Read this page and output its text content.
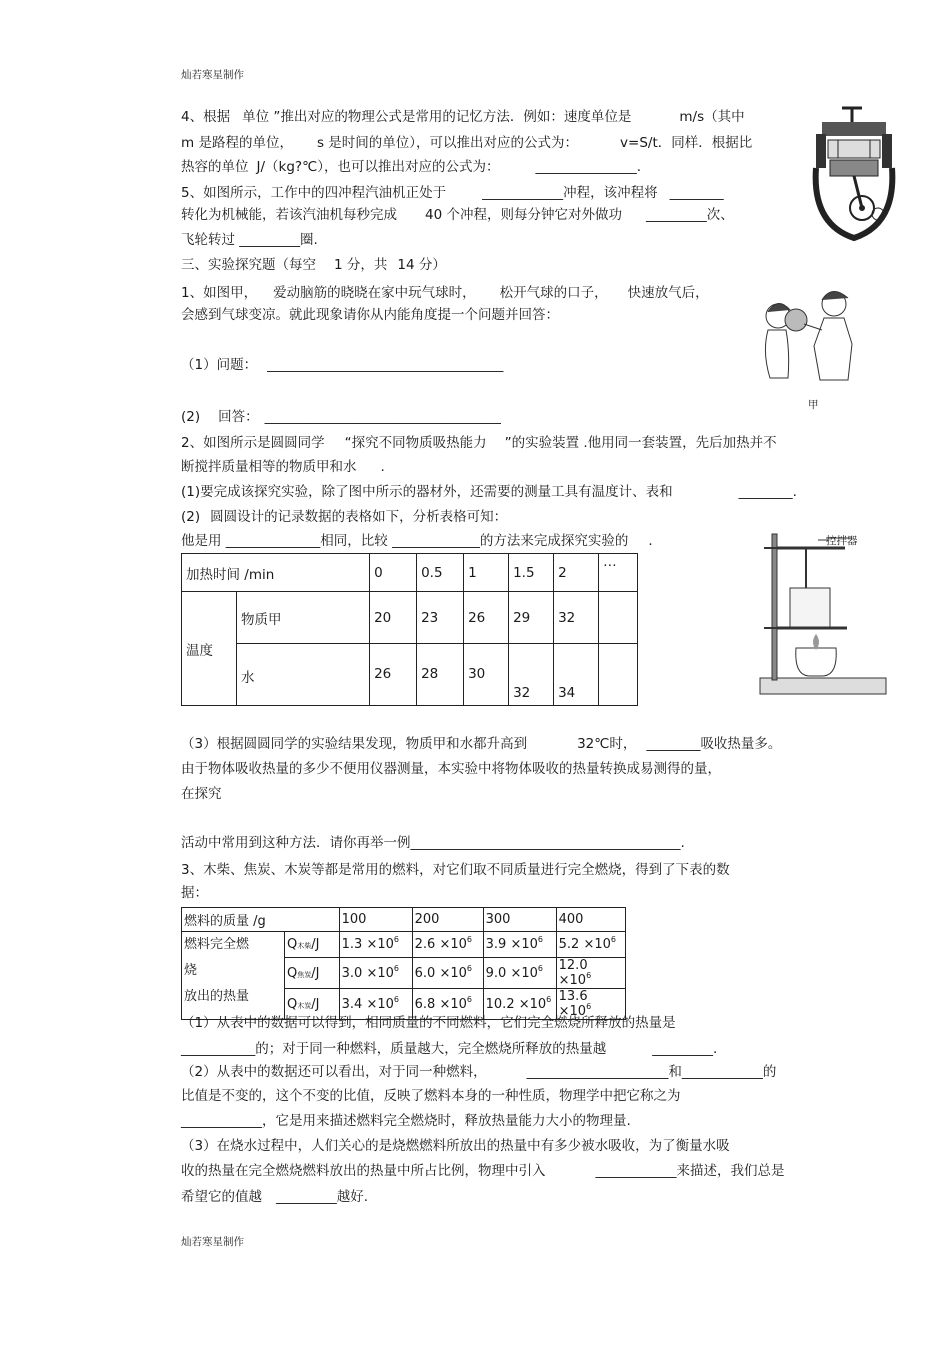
灿若寒星制作
4、根据 单位 ”推出对应的物理公式是常用的记忆方法．例如：速度单位是	m/s（其中
m 是路程的单位， s 是时间的单位），可以推出对应的公式为：	v=S/t．同样．根据比
热容的单位 J/（kg?℃），也可以推出对应的公式为：	_______________.
5、如图所示，工作中的四冲程汽油机正处于	____________冲程，该冲程将 ________
转化为机械能，若该汽油机每秒完成 40 个冲程，则每分钟它对外做功 _________次、
飞轮转过 _________圈.
三、实验探究题（每空 1 分，共 14 分）
1、如图甲， 爱动脑筋的晓晓在家中玩气球时， 松开气球的口子， 快速放气后，
会感到气球变凉。就此现象请你从内能角度提一个问题并回答：
（1）问题： ___________________________________
(2) 回答： ___________________________________
甲
2、如图所示是圆圆同学 “探究不同物质吸热能力 ”的实验装置 .他用同一套装置，先后加热并不
断搅拌质量相等的物质甲和水 .
(1)要完成该探究实验，除了图中所示的器材外，还需要的测量工具有温度计、表和	________.
(2) 圆圆设计的记录数据的表格如下，分析表格可知：
他是用 ______________相同，比较 _____________的方法来完成探究实验的 .
加热时间 /min		0	0.5	1	1.5	2	…
温度	物质甲	20	23	26	29	32	
	水	26	28	30	32	34	
控拌器
（3）根据圆圆同学的实验结果发现，物质甲和水都升高到	32℃时， ________吸收热量多。
由于物体吸收热量的多少不便用仪器测量，本实验中将物体吸收的热量转换成易测得的量，
在探究
活动中常用到这种方法．请你再举一例________________________________________.
3、木柴、焦炭、木炭等都是常用的燃料，对它们取不同质量进行完全燃烧，得到了下表的数
据：
燃料的质量 /g		100	200	300	400

燃料完全燃
烧
放出的热量	Q木柴/J	$1.3 \times 10^6$	$2.6 \times 10^6$	$3.9 \times 10^6$	$5.2 \times 10^6$
	Q焦炭/J	$3.0 \times 10^6$	$6.0 \times 10^6$	$9.0 \times 10^6$	$12.0 \times 10^6$
	Q木炭/J	$3.4 \times 10^6$	$6.8 \times 10^6$	$10.2 \times 10^6$	$13.6 \times 10^6$
（1）从表中的数据可以得到，相同质量的不同燃料，它们完全燃烧所释放的热量是
___________的；对于同一种燃料，质量越大，完全燃烧所释放的热量越	_________.
（2）从表中的数据还可以看出，对于同一种燃料，	_____________________和____________的
比值是不变的，这个不变的比值，反映了燃料本身的一种性质，物理学中把它称之为
____________，它是用来描述燃料完全燃烧时，释放热量能力大小的物理量.
（3）在烧水过程中，人们关心的是烧燃燃料所放出的热量中有多少被水吸收，为了衡量水吸
收的热量在完全燃烧燃料放出的热量中所占比例，物理中引入	____________来描述，我们总是
希望它的值越 _________越好.
灿若寒星制作
